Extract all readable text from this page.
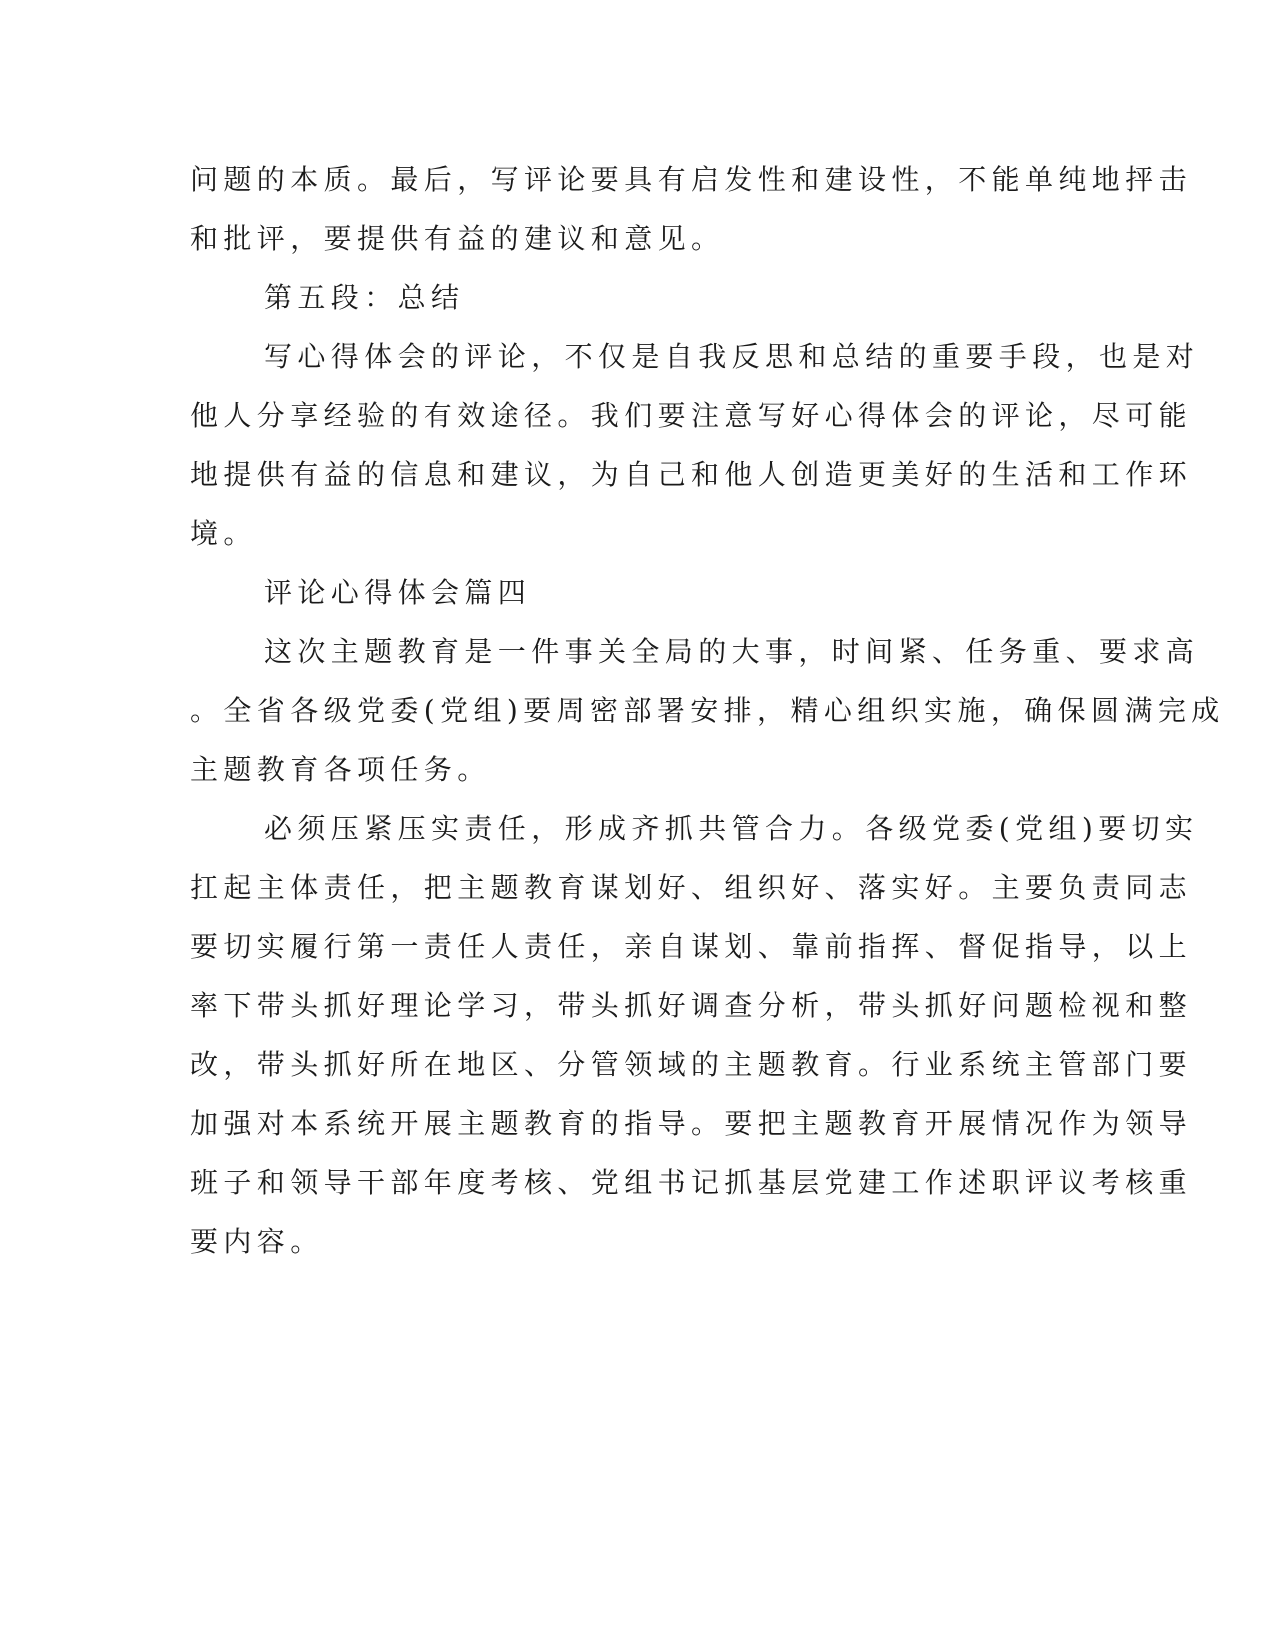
问题的本质。最后，写评论要具有启发性和建设性，不能单纯地抨击
和批评，要提供有益的建议和意见。
第五段：总结
写心得体会的评论，不仅是自我反思和总结的重要手段，也是对
他人分享经验的有效途径。我们要注意写好心得体会的评论，尽可能
地提供有益的信息和建议，为自己和他人创造更美好的生活和工作环
境。
评论心得体会篇四
这次主题教育是一件事关全局的大事，时间紧、任务重、要求高
。全省各级党委(党组)要周密部署安排，精心组织实施，确保圆满完成
主题教育各项任务。
必须压紧压实责任，形成齐抓共管合力。各级党委(党组)要切实
扛起主体责任，把主题教育谋划好、组织好、落实好。主要负责同志
要切实履行第一责任人责任，亲自谋划、靠前指挥、督促指导，以上
率下带头抓好理论学习，带头抓好调查分析，带头抓好问题检视和整
改，带头抓好所在地区、分管领域的主题教育。行业系统主管部门要
加强对本系统开展主题教育的指导。要把主题教育开展情况作为领导
班子和领导干部年度考核、党组书记抓基层党建工作述职评议考核重
要内容。
